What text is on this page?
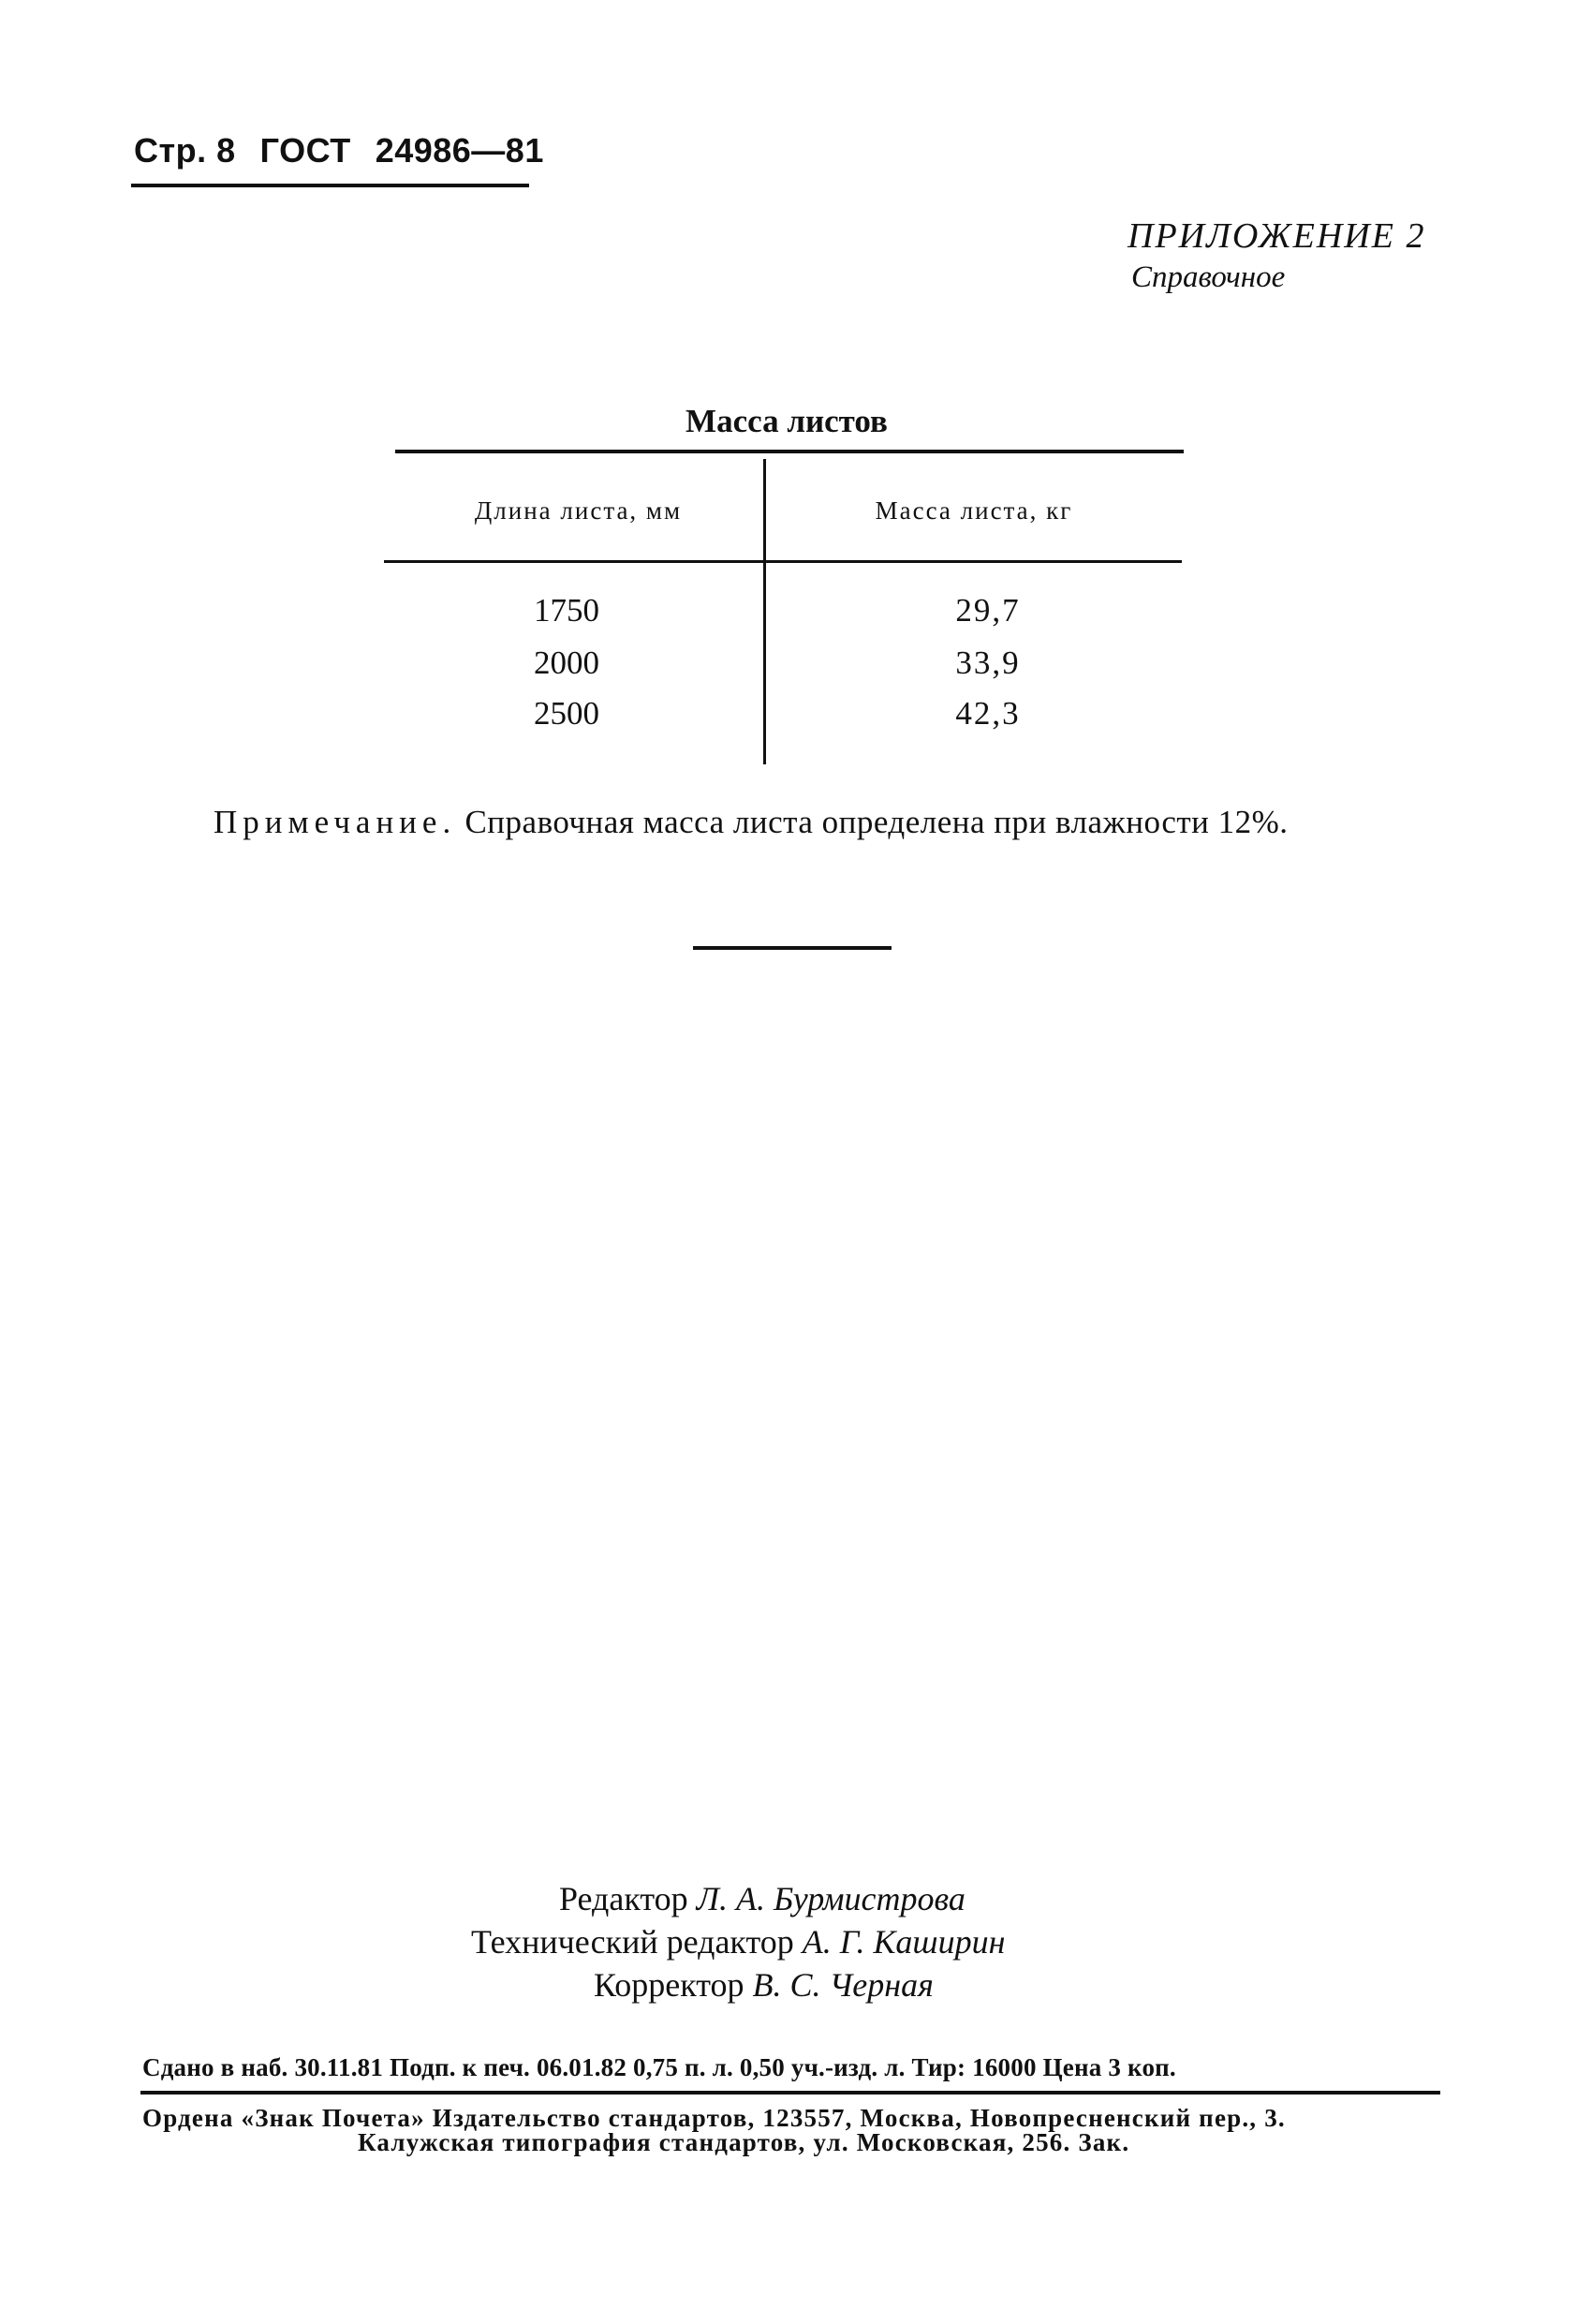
Стр. 8 ГОСТ 24986—81
ПРИЛОЖЕНИЕ 2
Справочное
Масса листов
Длина листа, мм	Масса листа, кг
1750	29,7
2000	33,9
2500	42,3
Примечание. Справочная масса листа определена при влажности 12%.
Редактор Л. А. Бурмистрова
Технический редактор А. Г. Каширин
Корректор В. С. Черная
Сдано в наб. 30.11.81 Подп. к печ. 06.01.82 0,75 п. л. 0,50 уч.-изд. л. Тир: 16000 Цена 3 коп.
Ордена «Знак Почета» Издательство стандартов, 123557, Москва, Новопресненский пер., 3.
Калужская типография стандартов, ул. Московская, 256. Зак.
